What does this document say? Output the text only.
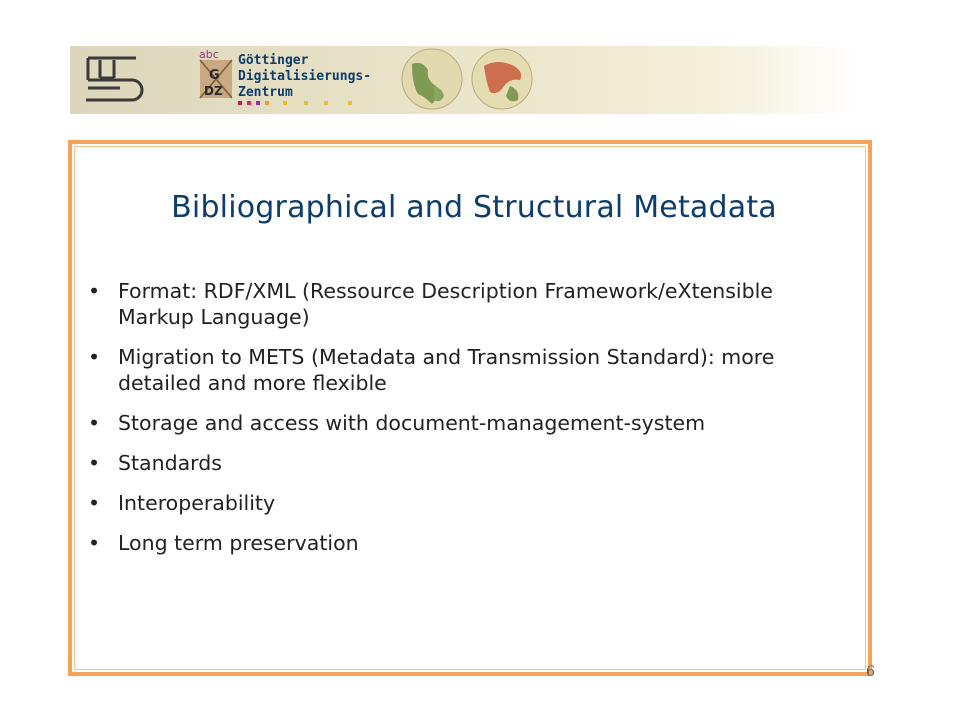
abc
G
DZ
Göttinger
Digitalisierungs-
Zentrum
Bibliographical and Structural Metadata
• Format: RDF/XML (Ressource Description Framework/eXtensible Markup Language)
• Migration to METS (Metadata and Transmission Standard): more detailed and more flexible
• Storage and access with document-management-system
• Standards
• Interoperability
• Long term preservation
6
